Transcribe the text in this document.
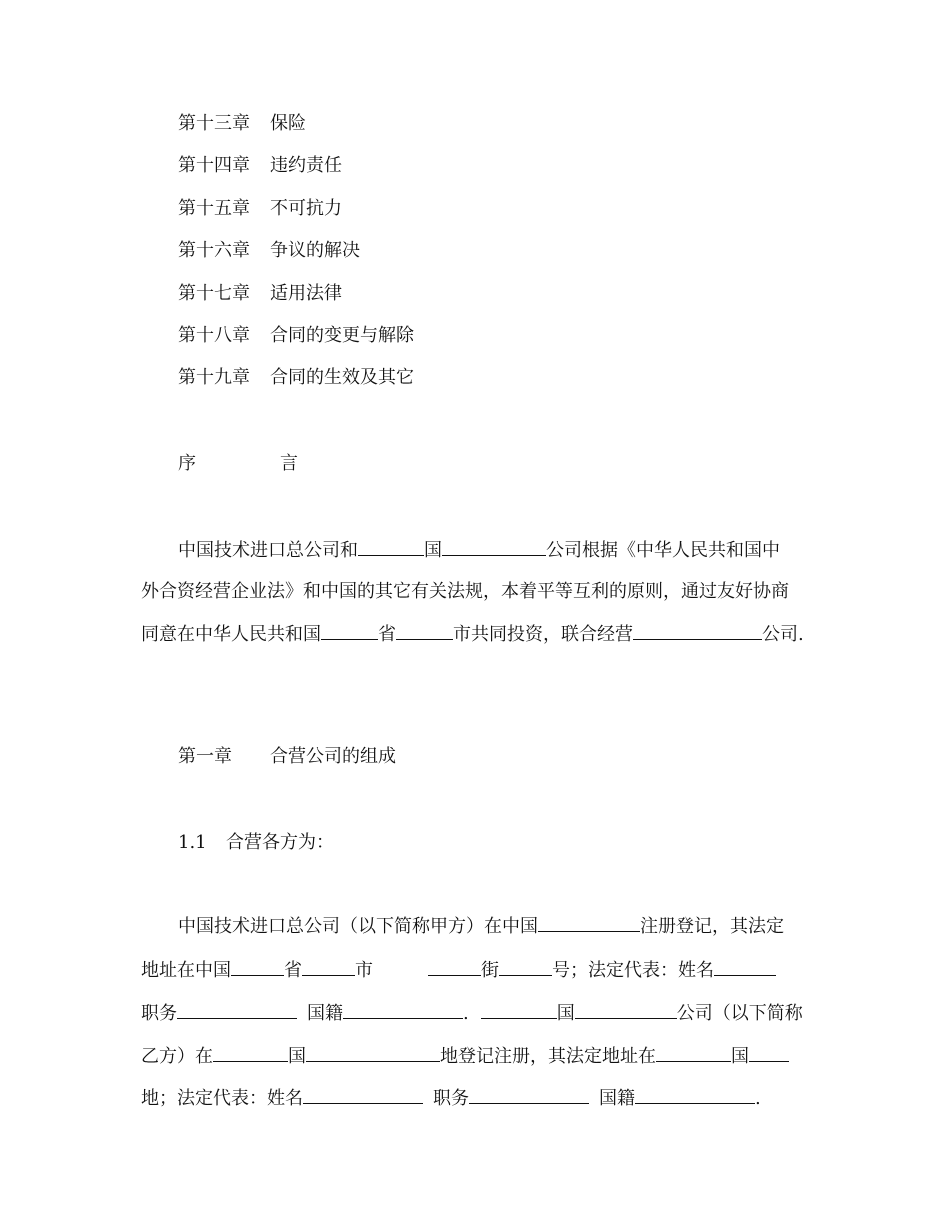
第十三章 保险
第十四章 违约责任
第十五章 不可抗力
第十六章 争议的解决
第十七章 适用法律
第十八章 合同的变更与解除
第十九章 合同的生效及其它
序	言
中国技术进口总公司和	国	公司根据《中华人民共和国中
外合资经营企业法》和中国的其它有关法规，本着平等互利的原则，通过友好协商
同意在中华人民共和国	省	市共同投资，联合经营	公司.
第一章 合营公司的组成
1.1 合营各方为：
中国技术进口总公司（以下简称甲方）在中国	注册登记，其法定
地址在中国	省	市	街	号；法定代表：姓名
职务	国籍	.	国	公司（以下简称
乙方）在	国	地登记注册，其法定地址在	国
地；法定代表：姓名	职务	国籍	.
